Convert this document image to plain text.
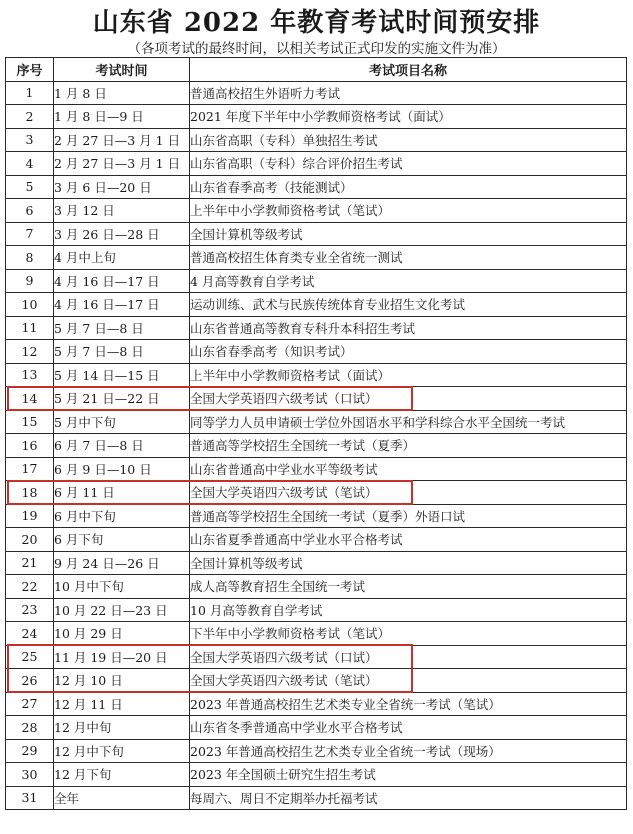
山东省 2022 年教育考试时间预安排
（各项考试的最终时间，以相关考试正式印发的实施文件为准）
序号	考试时间	考试项目名称
1	1 月 8 日	普通高校招生外语听力考试
2	1 月 8 日—9 日	2021 年度下半年中小学教师资格考试（面试）
3	2 月 27 日—3 月 1 日	山东省高职（专科）单独招生考试
4	2 月 27 日—3 月 1 日	山东省高职（专科）综合评价招生考试
5	3 月 6 日—20 日	山东省春季高考（技能测试）
6	3 月 12 日	上半年中小学教师资格考试（笔试）
7	3 月 26 日—28 日	全国计算机等级考试
8	4 月中上旬	普通高校招生体育类专业全省统一测试
9	4 月 16 日—17 日	4 月高等教育自学考试
10	4 月 16 日—17 日	运动训练、武术与民族传统体育专业招生文化考试
11	5 月 7 日—8 日	山东省普通高等教育专科升本科招生考试
12	5 月 7 日—8 日	山东省春季高考（知识考试）
13	5 月 14 日—15 日	上半年中小学教师资格考试（面试）
14	5 月 21 日—22 日	全国大学英语四六级考试（口试）
15	5 月中下旬	同等学力人员申请硕士学位外国语水平和学科综合水平全国统一考试
16	6 月 7 日—8 日	普通高等学校招生全国统一考试（夏季）
17	6 月 9 日—10 日	山东省普通高中学业水平等级考试
18	6 月 11 日	全国大学英语四六级考试（笔试）
19	6 月中下旬	普通高等学校招生全国统一考试（夏季）外语口试
20	6 月下旬	山东省夏季普通高中学业水平合格考试
21	9 月 24 日—26 日	全国计算机等级考试
22	10 月中下旬	成人高等教育招生全国统一考试
23	10 月 22 日—23 日	10 月高等教育自学考试
24	10 月 29 日	下半年中小学教师资格考试（笔试）
25	11 月 19 日—20 日	全国大学英语四六级考试（口试）
26	12 月 10 日	全国大学英语四六级考试（笔试）
27	12 月 11 日	2023 年普通高校招生艺术类专业全省统一考试（笔试）
28	12 月中旬	山东省冬季普通高中学业水平合格考试
29	12 月中下旬	2023 年普通高校招生艺术类专业全省统一考试（现场）
30	12 月下旬	2023 年全国硕士研究生招生考试
31	全年	每周六、周日不定期举办托福考试
